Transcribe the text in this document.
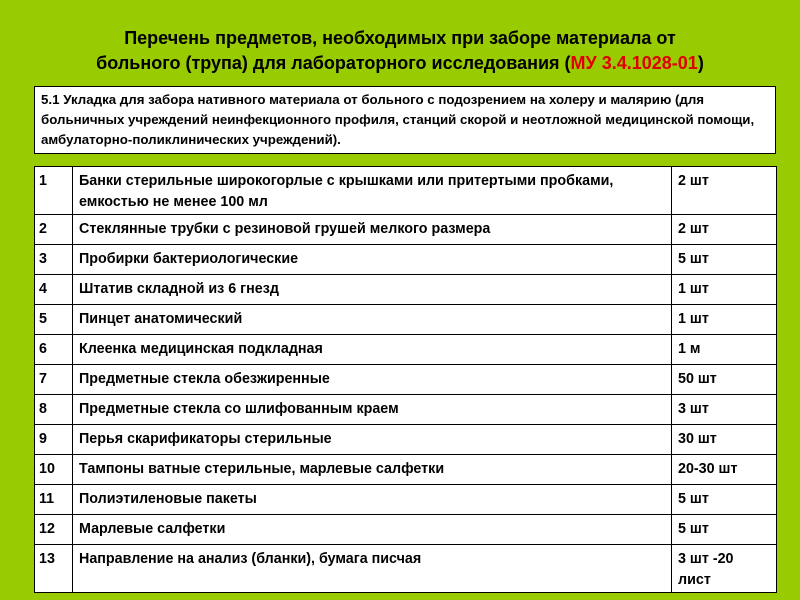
Перечень предметов, необходимых при заборе материала от
больного (трупа) для лабораторного исследования (МУ 3.4.1028-01)
5.1 Укладка для забора нативного материала от больного с подозрением на холеру и малярию (для больничных учреждений неинфекционного профиля, станций скорой и неотложной медицинской помощи, амбулаторно-поликлинических учреждений).
1	Банки стерильные широкогорлые с крышками или притертыми пробками, емкостью не менее 100 мл	2 шт
2	Стеклянные трубки с резиновой грушей мелкого размера	2 шт
3	Пробирки бактериологические	5 шт
4	Штатив складной из 6 гнезд	1 шт
5	Пинцет анатомический	1 шт
6	Клеенка медицинская подкладная	1 м
7	Предметные стекла обезжиренные	50 шт
8	Предметные стекла со шлифованным краем	3 шт
9	Перья скарификаторы стерильные	30 шт
10	Тампоны ватные стерильные, марлевые салфетки	20-30 шт
11	Полиэтиленовые пакеты	5 шт
12	Марлевые салфетки	5 шт
13	Направление на анализ (бланки), бумага писчая	3 шт -20 лист
